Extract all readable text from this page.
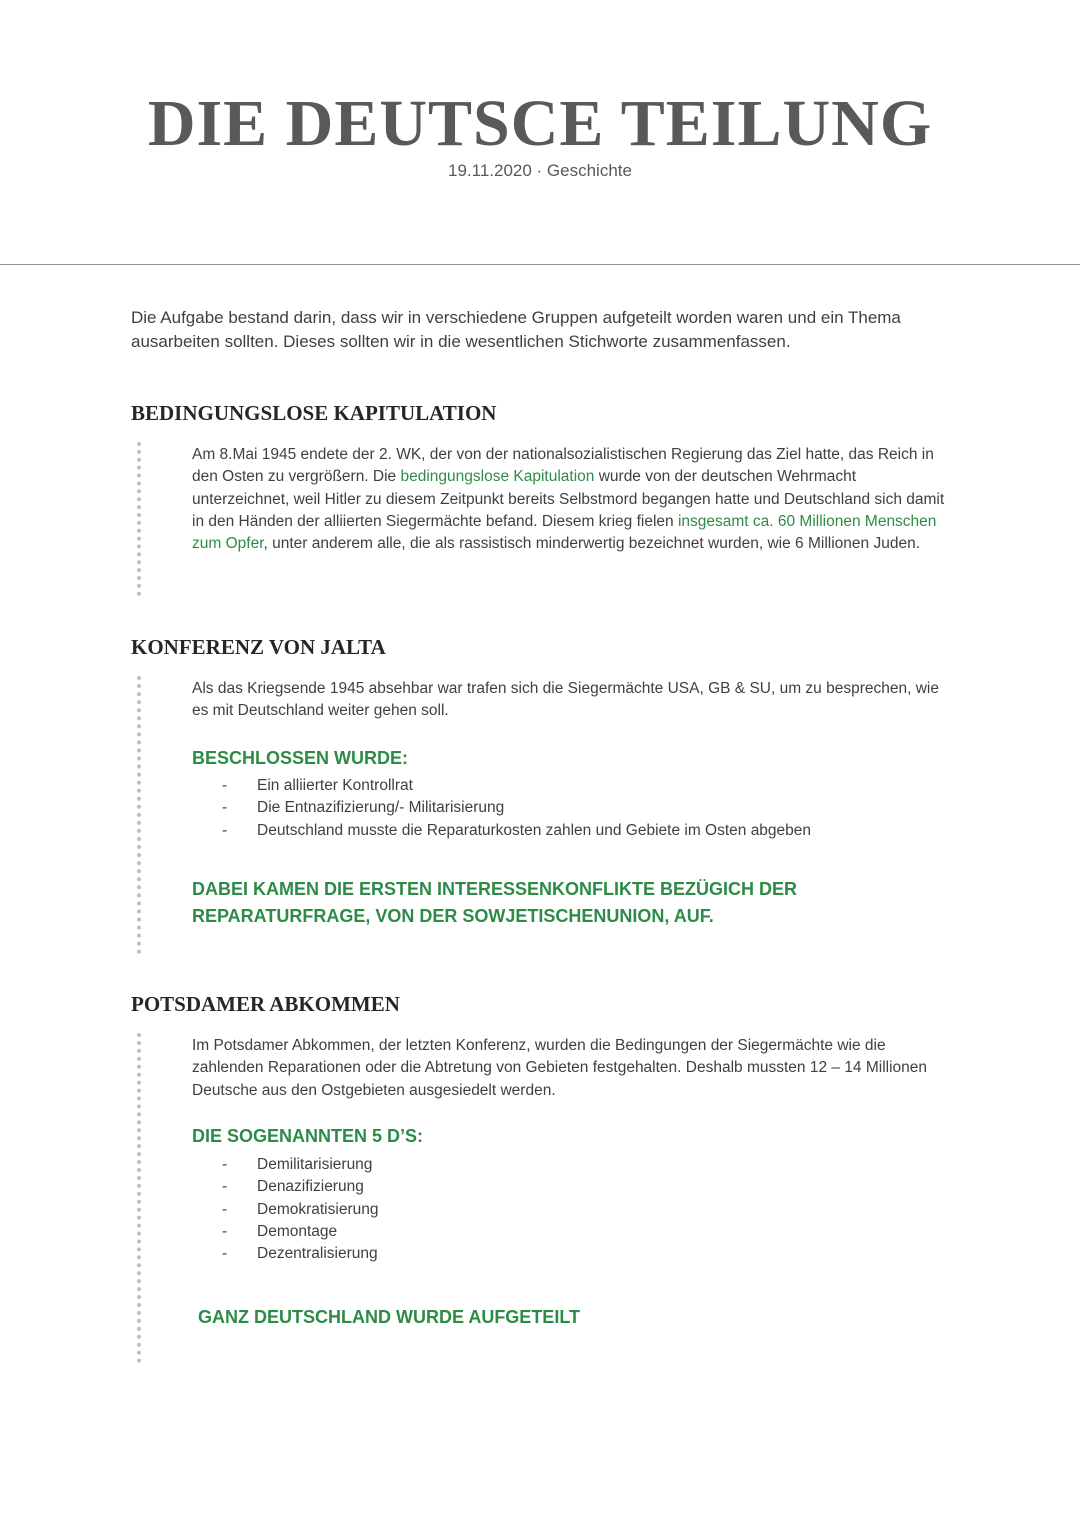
DIE DEUTSCE TEILUNG
19.11.2020 · Geschichte

Die Aufgabe bestand darin, dass wir in verschiedene Gruppen aufgeteilt worden waren und ein Thema ausarbeiten sollten. Dieses sollten wir in die wesentlichen Stichworte zusammenfassen.

BEDINGUNGSLOSE KAPITULATION

Am 8.Mai 1945 endete der 2. WK, der von der nationalsozialistischen Regierung das Ziel hatte, das Reich in den Osten zu vergrößern. Die bedingungslose Kapitulation wurde von der deutschen Wehrmacht unterzeichnet, weil Hitler zu diesem Zeitpunkt bereits Selbstmord begangen hatte und Deutschland sich damit in den Händen der alliierten Siegermächte befand. Diesem krieg fielen insgesamt ca. 60 Millionen Menschen zum Opfer, unter anderem alle, die als rassistisch minderwertig bezeichnet wurden, wie 6 Millionen Juden.

KONFERENZ VON JALTA

Als das Kriegsende 1945 absehbar war trafen sich die Siegermächte USA, GB & SU, um zu besprechen, wie es mit Deutschland weiter gehen soll.

BESCHLOSSEN WURDE:
- Ein alliierter Kontrollrat
- Die Entnazifizierung/- Militarisierung
- Deutschland musste die Reparaturkosten zahlen und Gebiete im Osten abgeben
DABEI KAMEN DIE ERSTEN INTERESSENKONFLIKTE BEZÜGICH DER
REPARATURFRAGE, VON DER SOWJETISCHENUNION, AUF.
POTSDAMER ABKOMMEN

Im Potsdamer Abkommen, der letzten Konferenz, wurden die Bedingungen der Siegermächte wie die zahlenden Reparationen oder die Abtretung von Gebieten festgehalten. Deshalb mussten 12 – 14 Millionen Deutsche aus den Ostgebieten ausgesiedelt werden.

DIE SOGENANNTEN 5 D’S:
- Demilitarisierung
- Denazifizierung
- Demokratisierung
- Demontage
- Dezentralisierung
GANZ DEUTSCHLAND WURDE AUFGETEILT
